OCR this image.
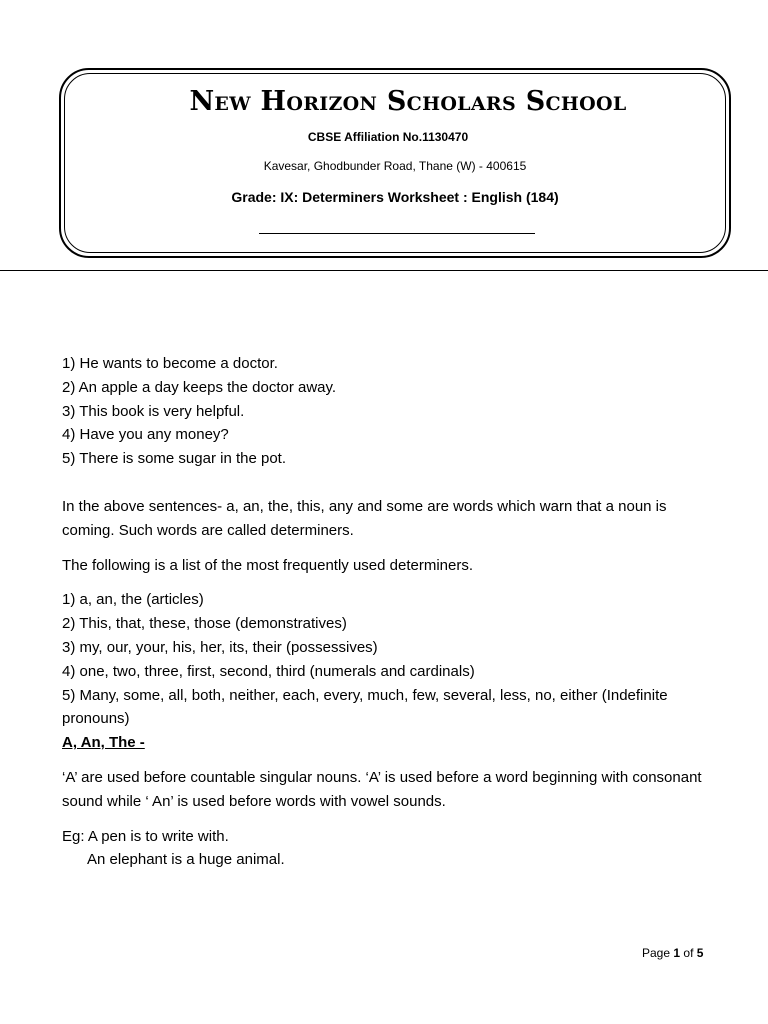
New Horizon Scholars School
CBSE Affiliation No.1130470
Kavesar, Ghodbunder Road, Thane (W) - 400615
Grade: IX: Determiners Worksheet : English (184)

1) He wants to become a doctor.

2) An apple a day keeps the doctor away.

3) This book is very helpful.

4) Have you any money?

5) There is some sugar in the pot.

In the above sentences- a, an, the, this, any and some are words which warn that a noun is coming. Such words are called determiners.

The following is a list of the most frequently used determiners.

1) a, an, the (articles)

2) This, that, these, those (demonstratives)

3) my, our, your, his, her, its, their (possessives)

4) one, two, three, first, second, third (numerals and cardinals)

5) Many, some, all, both, neither, each, every, much, few, several, less, no, either (Indefinite pronouns)

A, An, The -

‘A’ are used before countable singular nouns. ‘A’ is used before a word beginning with consonant sound while ‘ An’ is used before words with vowel sounds.

Eg: A pen is to write with.

An elephant is a huge animal.

Page 1 of 5
